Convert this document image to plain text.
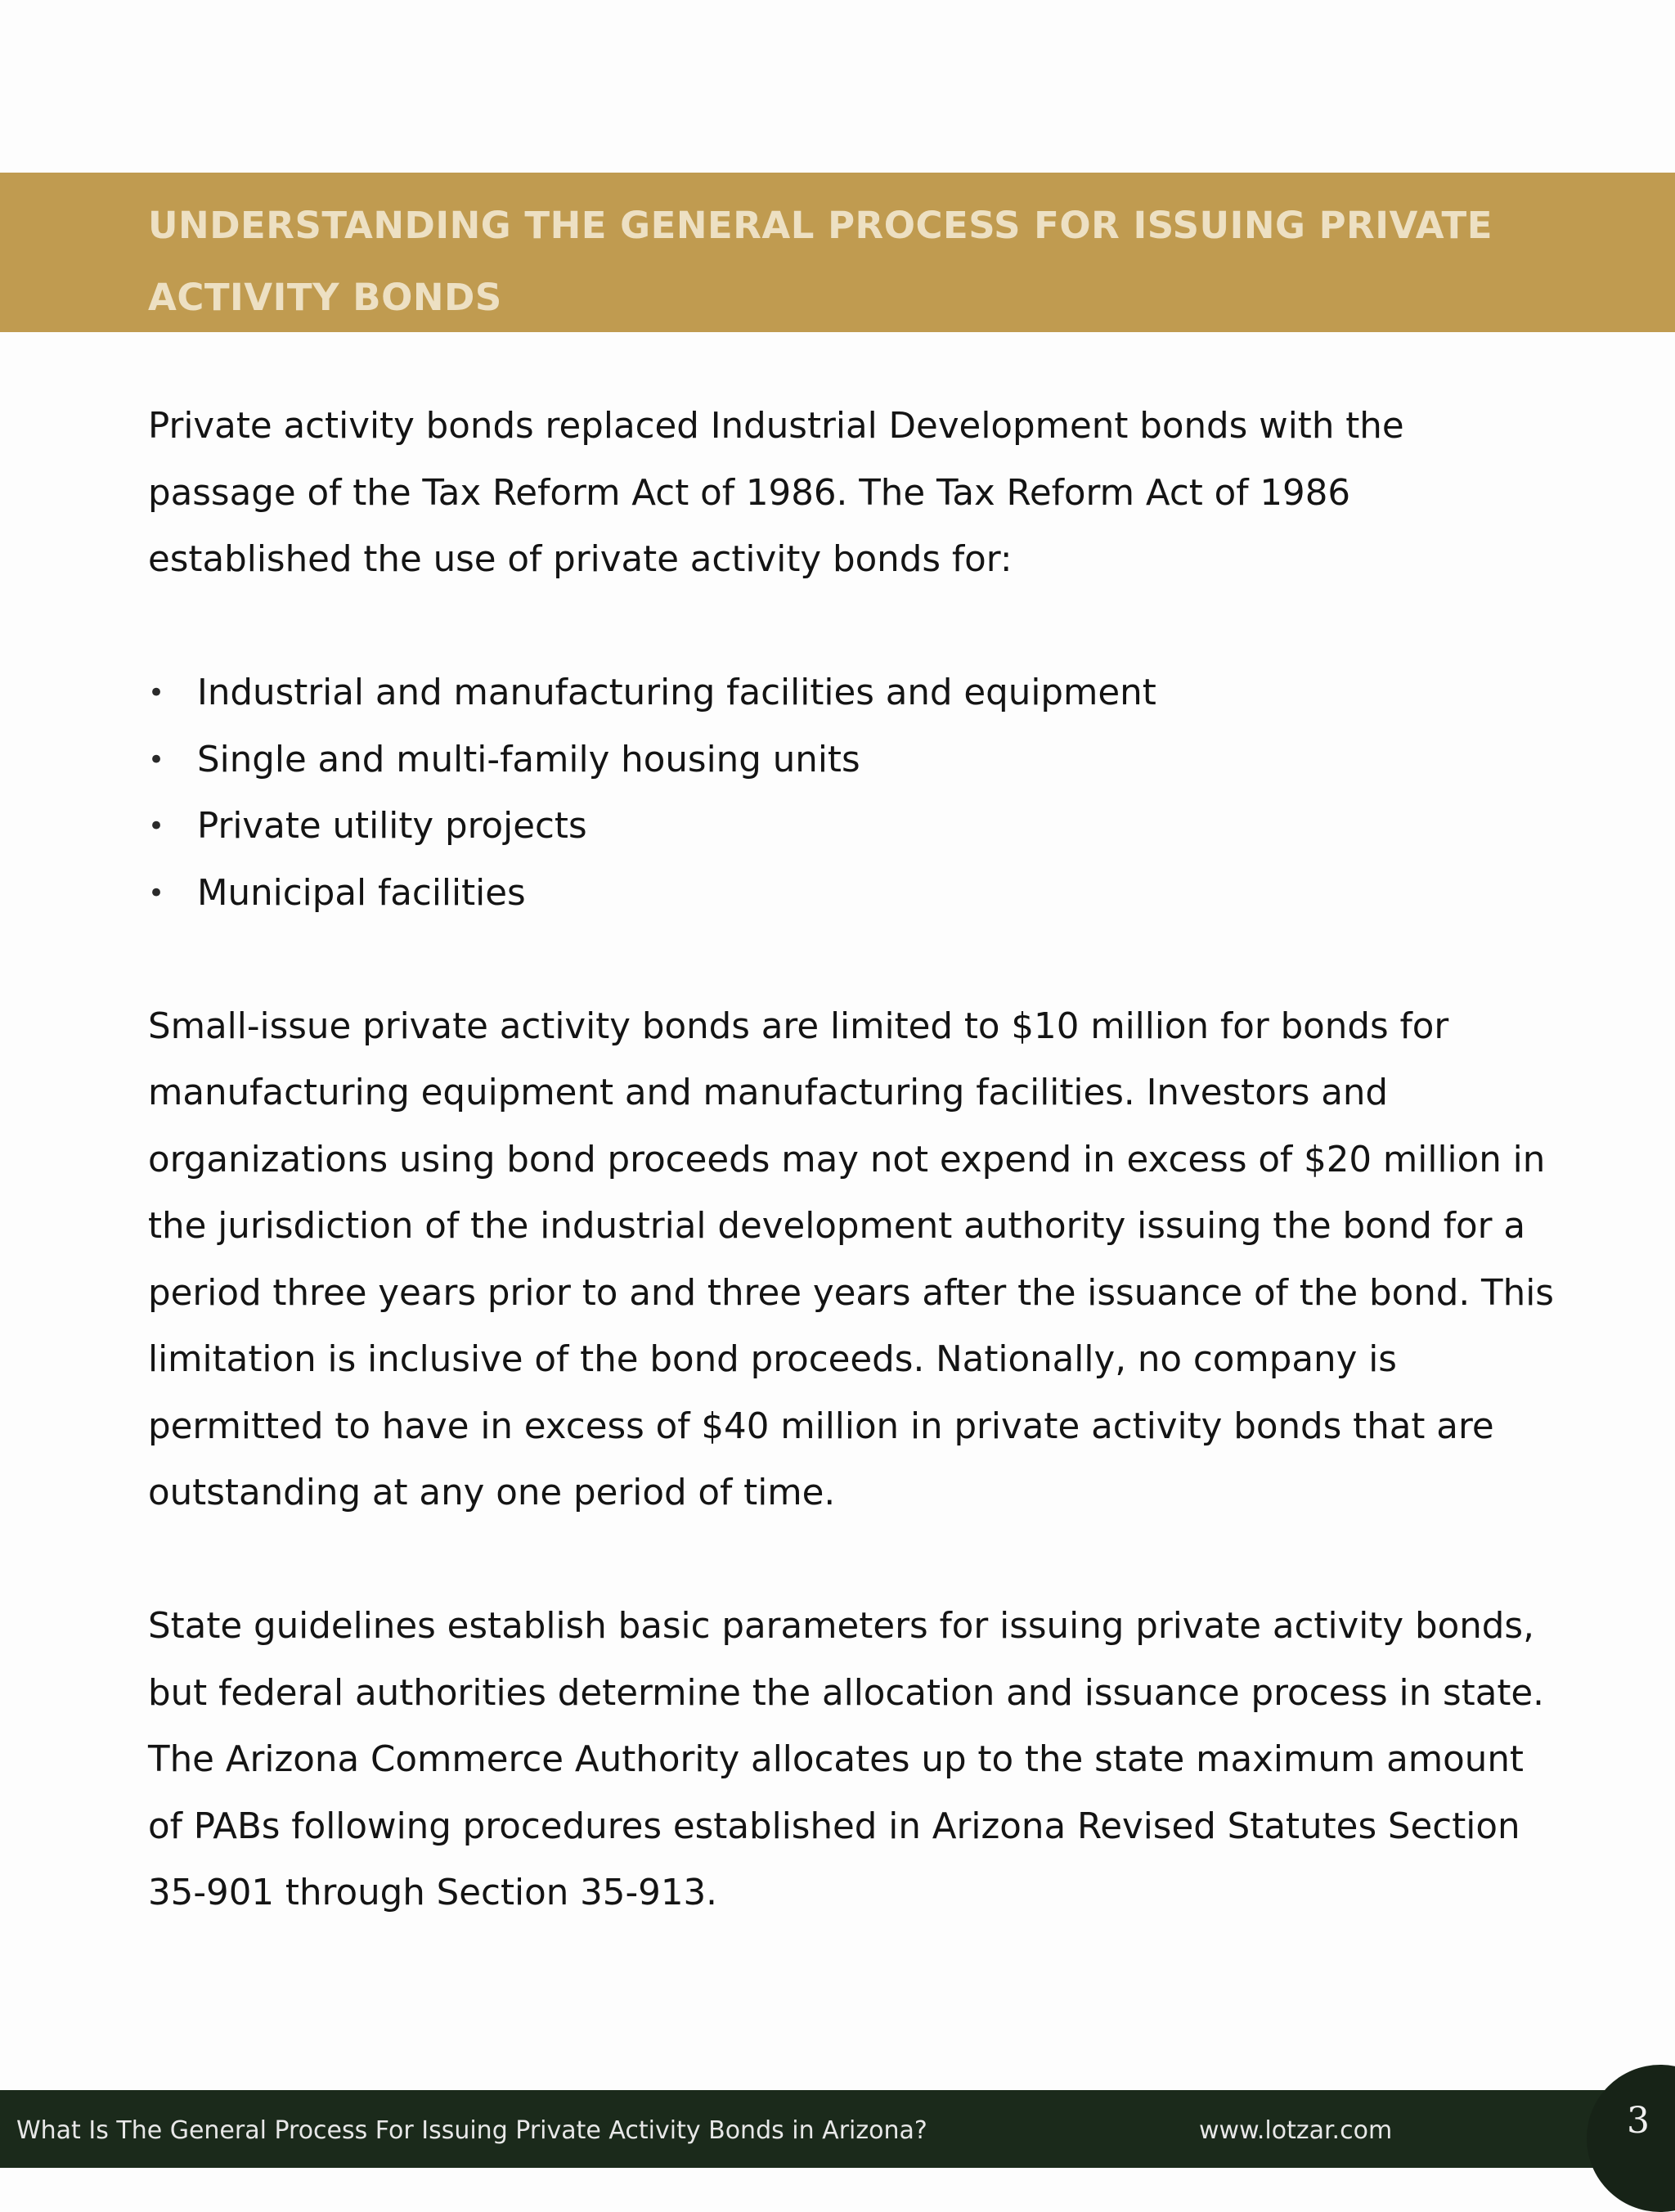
UNDERSTANDING THE GENERAL PROCESS FOR ISSUING PRIVATE ACTIVITY BONDS

Private activity bonds replaced Industrial Development bonds with the passage of the Tax Reform Act of 1986. The Tax Reform Act of 1986 established the use of private activity bonds for:

• Industrial and manufacturing facilities and equipment
• Single and multi-family housing units
• Private utility projects
• Municipal facilities

Small-issue private activity bonds are limited to $10 million for bonds for manufacturing equipment and manufacturing facilities. Investors and organizations using bond proceeds may not expend in excess of $20 million in the jurisdiction of the industrial development authority issuing the bond for a period three years prior to and three years after the issuance of the bond. This limitation is inclusive of the bond proceeds. Nationally, no company is permitted to have in excess of $40 million in private activity bonds that are outstanding at any one period of time.

State guidelines establish basic parameters for issuing private activity bonds, but federal authorities determine the allocation and issuance process in state. The Arizona Commerce Authority allocates up to the state maximum amount of PABs following procedures established in Arizona Revised Statutes Section 35-901 through Section 35-913.

What Is The General Process For Issuing Private Activity Bonds in Arizona?	www.lotzar.com	3
